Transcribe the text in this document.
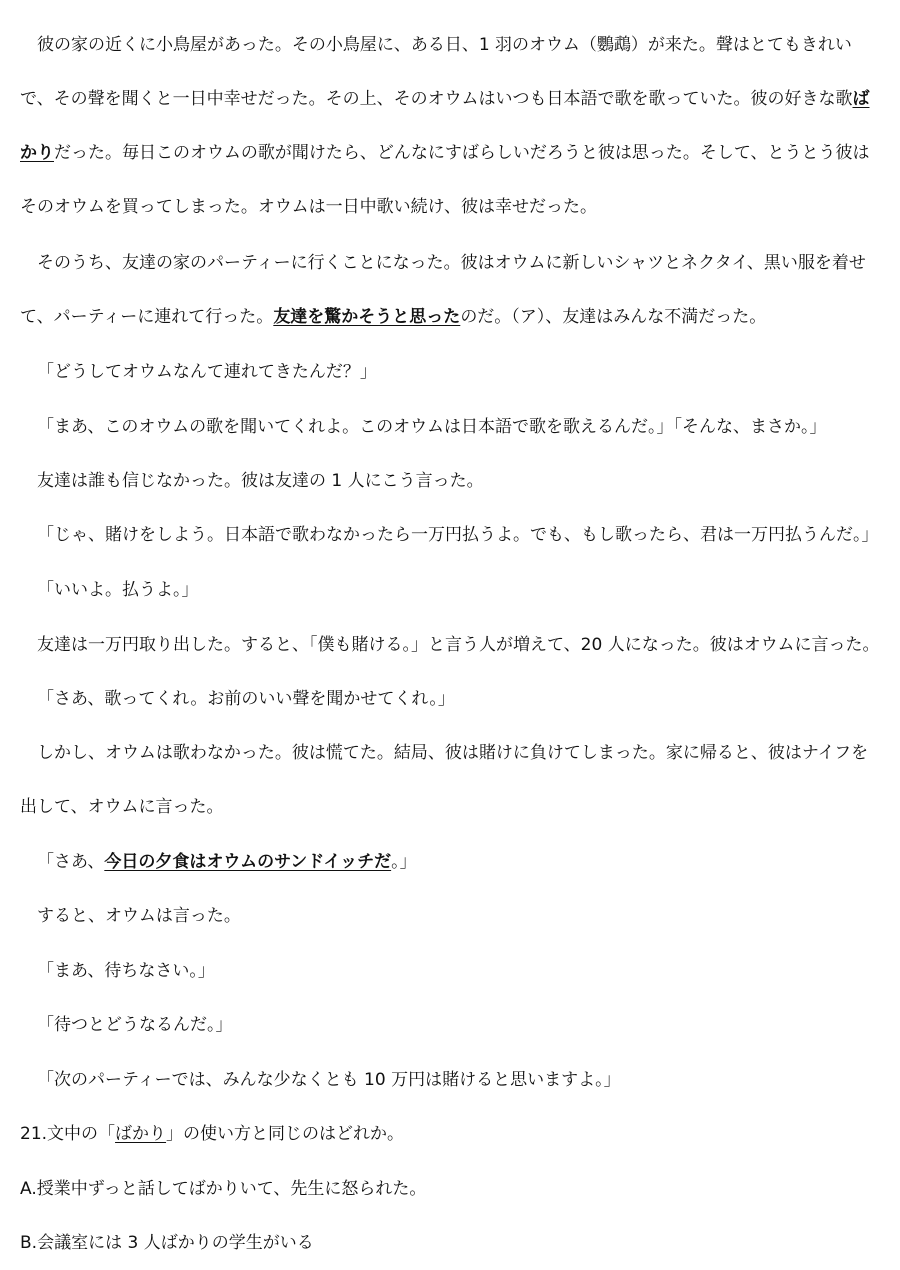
彼の家の近くに小鳥屋があった。その小鳥屋に、ある日、1 羽のオウム（鸚鵡）が来た。聲はとてもきれいで、その聲を聞くと一日中幸せだった。その上、そのオウムはいつも日本語で歌を歌っていた。彼の好きな歌ばかりだった。毎日このオウムの歌が聞けたら、どんなにすばらしいだろうと彼は思った。そして、とうとう彼はそのオウムを買ってしまった。オウムは一日中歌い続け、彼は幸せだった。

そのうち、友達の家のパーティーに行くことになった。彼はオウムに新しいシャツとネクタイ、黒い服を着せて、パーティーに連れて行った。友達を驚かそうと思ったのだ。（ア）、友達はみんな不満だった。

「どうしてオウムなんて連れてきたんだ？」

「まあ、このオウムの歌を聞いてくれよ。このオウムは日本語で歌を歌えるんだ。」「そんな、まさか。」

友達は誰も信じなかった。彼は友達の 1 人にこう言った。

「じゃ、賭けをしよう。日本語で歌わなかったら一万円払うよ。でも、もし歌ったら、君は一万円払うんだ。」

「いいよ。払うよ。」

友達は一万円取り出した。すると、「僕も賭ける。」と言う人が増えて、20 人になった。彼はオウムに言った。

「さあ、歌ってくれ。お前のいい聲を聞かせてくれ。」

しかし、オウムは歌わなかった。彼は慌てた。結局、彼は賭けに負けてしまった。家に帰ると、彼はナイフを出して、オウムに言った。

「さあ、今日の夕食はオウムのサンドイッチだ。」

すると、オウムは言った。

「まあ、待ちなさい。」

「待つとどうなるんだ。」

「次のパーティーでは、みんな少なくとも 10 万円は賭けると思いますよ。」

21.文中の「ばかり」の使い方と同じのはどれか。

A.授業中ずっと話してばかりいて、先生に怒られた。

B.会議室には 3 人ばかりの学生がいる
